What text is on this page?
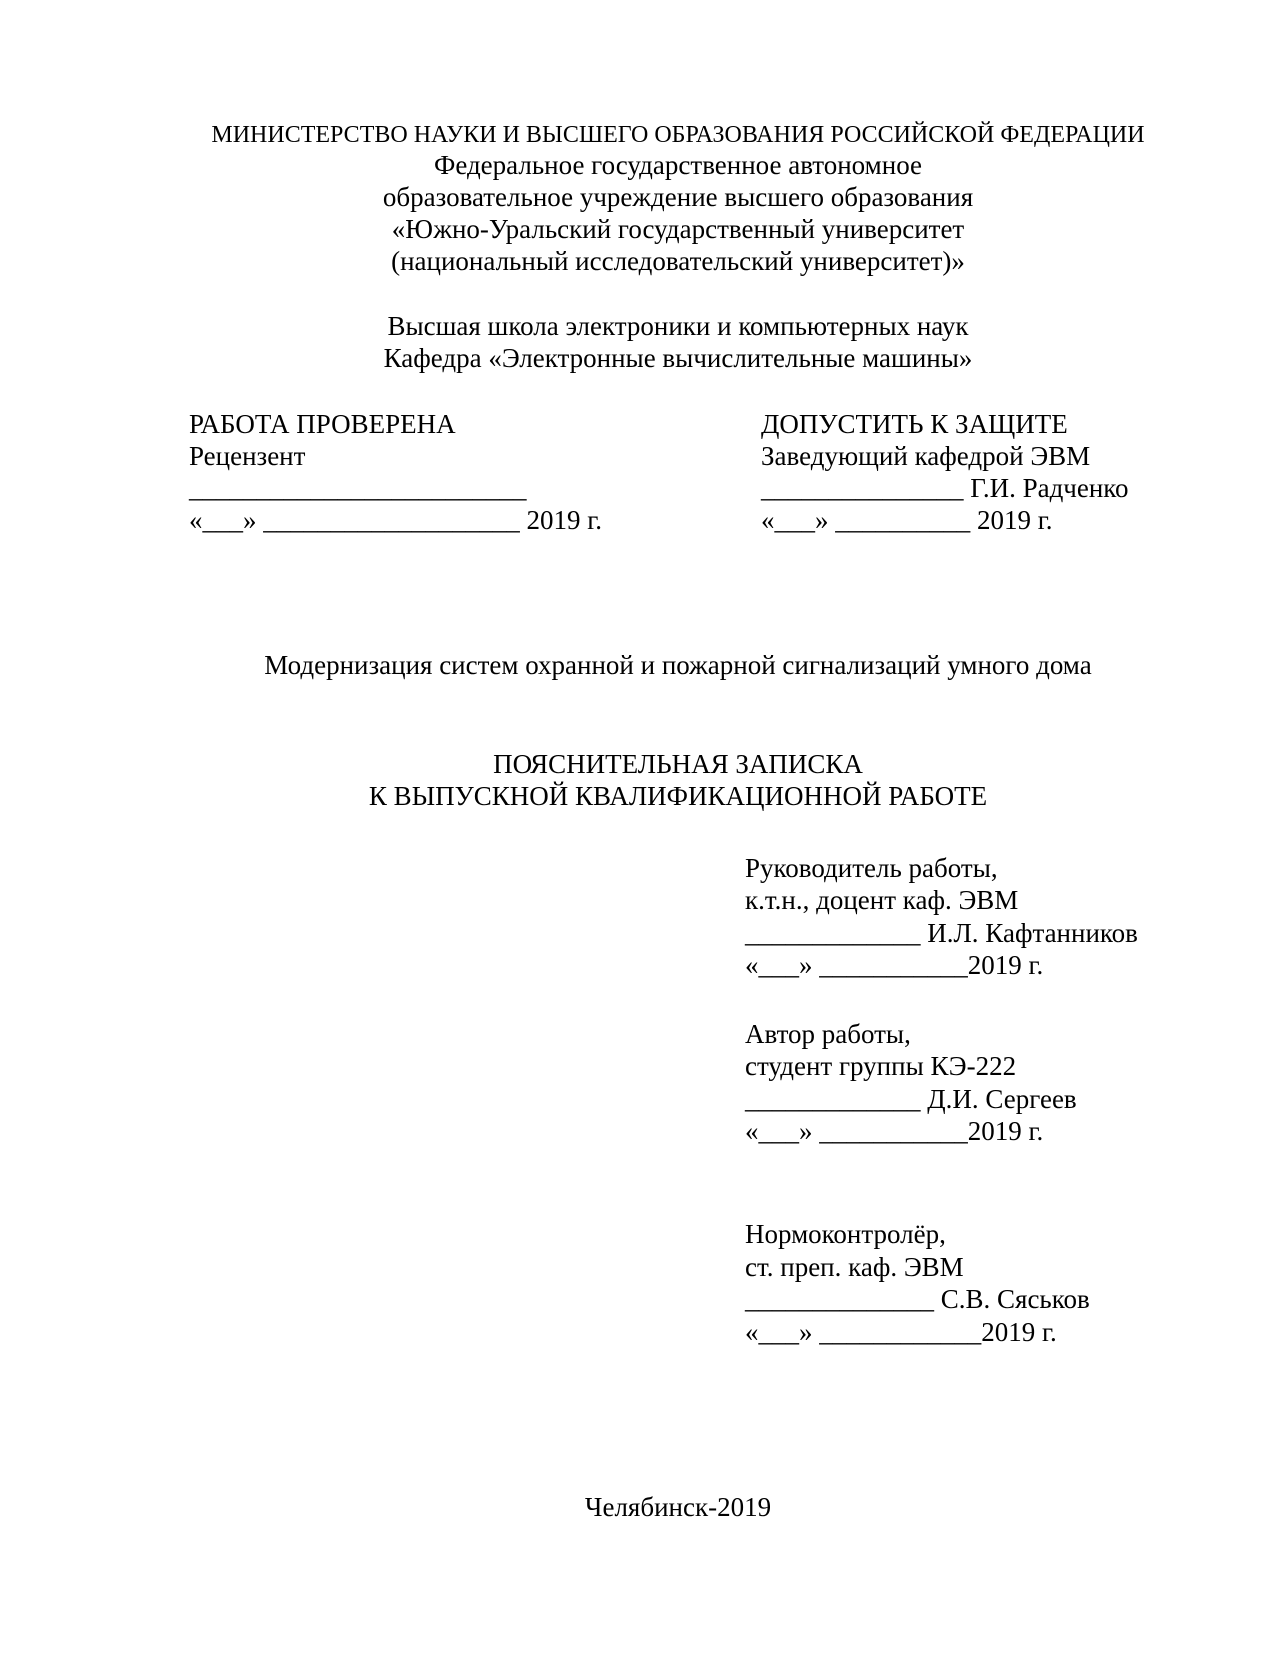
МИНИСТЕРСТВО НАУКИ И ВЫСШЕГО ОБРАЗОВАНИЯ РОССИЙСКОЙ ФЕДЕРАЦИИ
Федеральное государственное автономное
образовательное учреждение высшего образования
«Южно-Уральский государственный университет
(национальный исследовательский университет)»
Высшая школа электроники и компьютерных наук
Кафедра «Электронные вычислительные машины»
РАБОТА ПРОВЕРЕНА
Рецензент
_________________________
«___» ___________________ 2019 г.
ДОПУСТИТЬ К ЗАЩИТЕ
Заведующий кафедрой ЭВМ
_______________ Г.И. Радченко
«___» __________ 2019 г.
Модернизация систем охранной и пожарной сигнализаций умного дома
ПОЯСНИТЕЛЬНАЯ ЗАПИСКА
К ВЫПУСКНОЙ КВАЛИФИКАЦИОННОЙ РАБОТЕ
Руководитель работы,
к.т.н., доцент каф. ЭВМ
_____________ И.Л. Кафтанников
«___» ___________2019 г.
Автор работы,
студент группы КЭ-222
_____________ Д.И. Сергеев
«___» ___________2019 г.
Нормоконтролёр,
ст. преп. каф. ЭВМ
______________ С.В. Сяськов
«___» ____________2019 г.
Челябинск-2019
